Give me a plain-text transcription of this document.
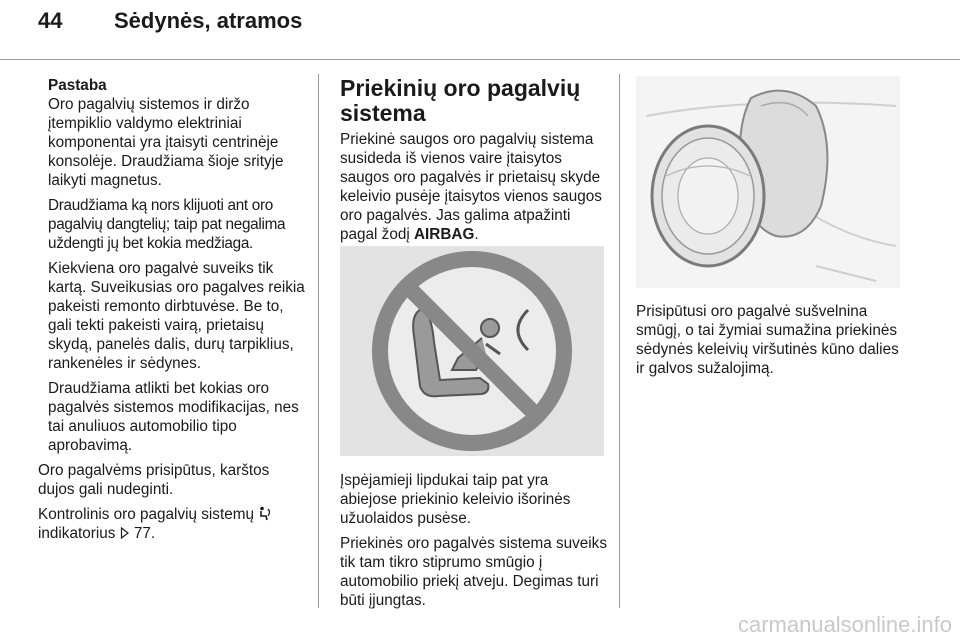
44	Sėdynės, atramos
Pastaba

Oro pagalvių sistemos ir diržo įtempiklio valdymo elektriniai komponentai yra įtaisyti centrinėje konsolėje. Draudžiama šioje srityje laikyti magnetus.

Draudžiama ką nors klijuoti ant oro pagalvių dangtelių; taip pat negalima uždengti jų bet kokia medžiaga.

Kiekviena oro pagalvė suveiks tik kartą. Suveikusias oro pagalves reikia pakeisti remonto dirbtuvėse. Be to, gali tekti pakeisti vairą, prietaisų skydą, panelės dalis, durų tarpiklius, rankenėles ir sėdynes.

Draudžiama atlikti bet kokias oro pagalvės sistemos modifikacijas, nes tai anuliuos automobilio tipo aprobavimą.

Oro pagalvėms prisipūtus, karštos dujos gali nudeginti.

Kontrolinis oro pagalvių sistemų
indikatorius 77.

Priekinių oro pagalvių sistema

Priekinė saugos oro pagalvių sistema susideda iš vienos vaire įtaisytos saugos oro pagalvės ir prietaisų skyde keleivio pusėje įtaisytos vienos saugos oro pagalvės. Jas galima atpažinti pagal žodį AIRBAG.

Įspėjamieji lipdukai taip pat yra abiejose priekinio keleivio išorinės užuolaidos pusėse.

Priekinės oro pagalvės sistema suveiks tik tam tikro stiprumo smūgio į automobilio priekį atveju. Degimas turi būti įjungtas.

Prisipūtusi oro pagalvė sušvelnina smūgį, o tai žymiai sumažina priekinės sėdynės keleivių viršutinės kūno dalies ir galvos sužalojimą.

carmanualsonline.info
